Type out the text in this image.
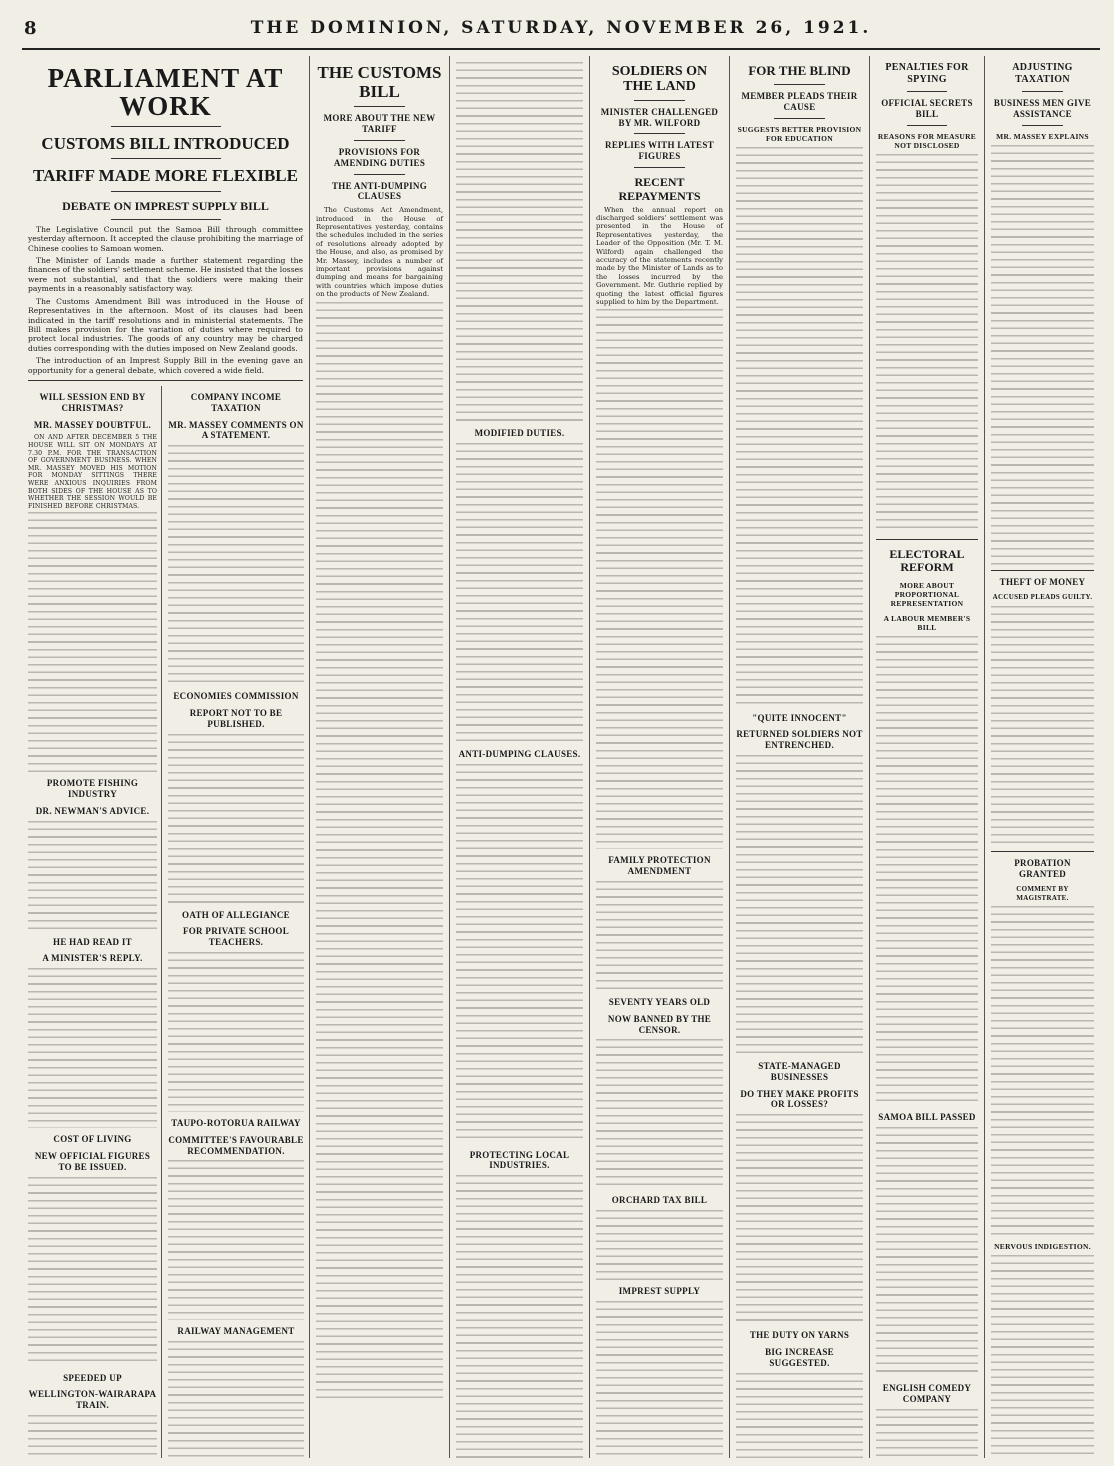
8	THE DOMINION, SATURDAY, NOVEMBER 26, 1921.
PARLIAMENT AT WORK
CUSTOMS BILL INTRODUCED
TARIFF MADE MORE FLEXIBLE
DEBATE ON IMPREST SUPPLY BILL

The Legislative Council put the Samoa Bill through committee yesterday afternoon. It accepted the clause prohibiting the marriage of Chinese coolies to Samoan women.

The Minister of Lands made a further statement regarding the finances of the soldiers' settlement scheme. He insisted that the losses were not substantial, and that the soldiers were making their payments in a reasonably satisfactory way.

The Customs Amendment Bill was introduced in the House of Representatives in the afternoon. Most of its clauses had been indicated in the tariff resolutions and in ministerial statements. The Bill makes provision for the variation of duties where required to protect local industries. The goods of any country may be charged duties corresponding with the duties imposed on New Zealand goods.

The introduction of an Imprest Supply Bill in the evening gave an opportunity for a general debate, which covered a wide field.

WILL SESSION END BY CHRISTMAS?
MR. MASSEY DOUBTFUL.

ON AND AFTER DECEMBER 5 THE HOUSE WILL SIT ON MONDAYS AT 7.30 P.M. FOR THE TRANSACTION OF GOVERNMENT BUSINESS. WHEN MR. MASSEY MOVED HIS MOTION FOR MONDAY SITTINGS THERE WERE ANXIOUS INQUIRIES FROM BOTH SIDES OF THE HOUSE AS TO WHETHER THE SESSION WOULD BE FINISHED BEFORE CHRISTMAS.

PROMOTE FISHING INDUSTRY
DR. NEWMAN'S ADVICE.
HE HAD READ IT
A MINISTER'S REPLY.
COST OF LIVING
NEW OFFICIAL FIGURES TO BE ISSUED.
SPEEDED UP
WELLINGTON-WAIRARAPA TRAIN.
COMPANY INCOME TAXATION
MR. MASSEY COMMENTS ON A STATEMENT.
ECONOMIES COMMISSION
REPORT NOT TO BE PUBLISHED.
OATH OF ALLEGIANCE
FOR PRIVATE SCHOOL TEACHERS.
TAUPO-ROTORUA RAILWAY
COMMITTEE'S FAVOURABLE RECOMMENDATION.
RAILWAY MANAGEMENT
THE CUSTOMS BILL
MORE ABOUT THE NEW TARIFF
PROVISIONS FOR AMENDING DUTIES
THE ANTI-DUMPING CLAUSES

The Customs Act Amendment, introduced in the House of Representatives yesterday, contains the schedules included in the series of resolutions already adopted by the House, and also, as promised by Mr. Massey, includes a number of important provisions against dumping and means for bargaining with countries which impose duties on the products of New Zealand.

MODIFIED DUTIES.
ANTI-DUMPING CLAUSES.
PROTECTING LOCAL INDUSTRIES.
SOLDIERS ON THE LAND
MINISTER CHALLENGED BY MR. WILFORD
REPLIES WITH LATEST FIGURES
RECENT REPAYMENTS

When the annual report on discharged soldiers' settlement was presented in the House of Representatives yesterday, the Leader of the Opposition (Mr. T. M. Wilford) again challenged the accuracy of the statements recently made by the Minister of Lands as to the losses incurred by the Government. Mr. Guthrie replied by quoting the latest official figures supplied to him by the Department.

FAMILY PROTECTION AMENDMENT
SEVENTY YEARS OLD
NOW BANNED BY THE CENSOR.
ORCHARD TAX BILL
IMPREST SUPPLY
FOR THE BLIND
MEMBER PLEADS THEIR CAUSE
SUGGESTS BETTER PROVISION FOR EDUCATION
"QUITE INNOCENT"
RETURNED SOLDIERS NOT ENTRENCHED.
STATE-MANAGED BUSINESSES
DO THEY MAKE PROFITS OR LOSSES?
THE DUTY ON YARNS
BIG INCREASE SUGGESTED.
PENALTIES FOR SPYING
OFFICIAL SECRETS BILL
REASONS FOR MEASURE NOT DISCLOSED
ELECTORAL REFORM
MORE ABOUT PROPORTIONAL REPRESENTATION
A LABOUR MEMBER'S BILL
SAMOA BILL PASSED
ENGLISH COMEDY COMPANY
ADJUSTING TAXATION
BUSINESS MEN GIVE ASSISTANCE
MR. MASSEY EXPLAINS
THEFT OF MONEY
ACCUSED PLEADS GUILTY.
PROBATION GRANTED
COMMENT BY MAGISTRATE.
NERVOUS INDIGESTION.
